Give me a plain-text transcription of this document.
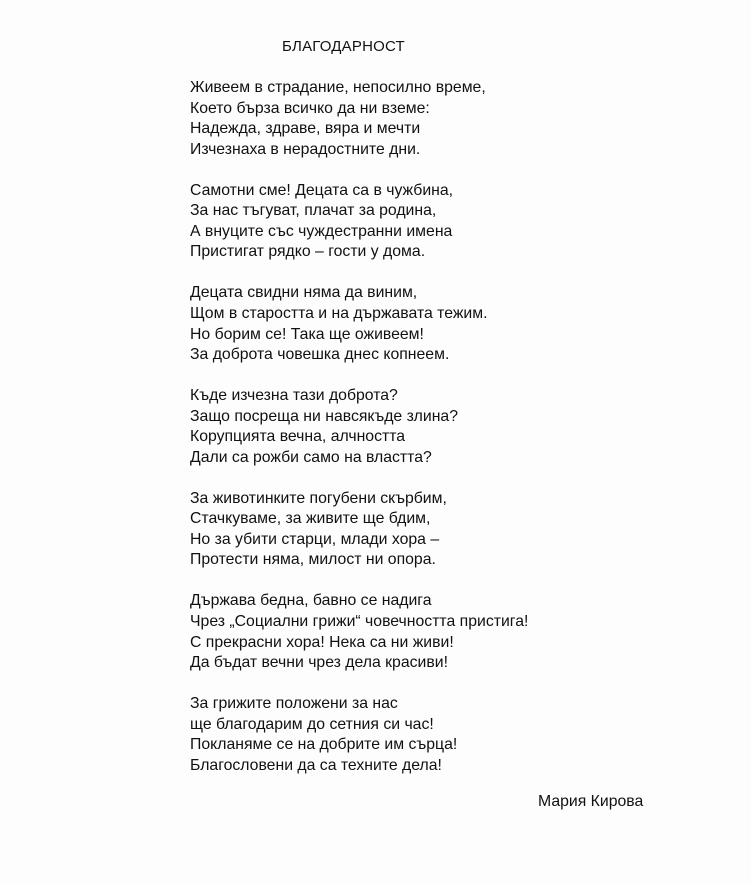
БЛАГОДАРНОСТ
Живеем в страдание, непосилно време,
Което бърза всичко да ни вземе:
Надежда, здраве, вяра и мечти
Изчезнаха в нерадостните дни.
Самотни сме! Децата са в чужбина,
За нас тъгуват, плачат за родина,
А внуците със чуждестранни имена
Пристигат рядко – гости у дома.
Децата свидни няма да виним,
Щом в старостта и на държавата тежим.
Но борим се! Така ще оживеем!
За доброта човешка днес копнеем.
Къде изчезна тази доброта?
Защо посреща ни навсякъде злина?
Корупцията вечна, алчността
Дали са рожби само на властта?
За животинките погубени скърбим,
Стачкуваме, за живите ще бдим,
Но за убити старци, млади хора –
Протести няма, милост ни опора.
Държава бедна, бавно се надига
Чрез „Социални грижи“ човечността пристига!
С прекрасни хора! Нека са ни живи!
Да бъдат вечни чрез дела красиви!
За грижите положени за нас
ще благодарим до сетния си час!
Покланяме се на добрите им сърца!
Благословени да са техните дела!
Мария Кирова
